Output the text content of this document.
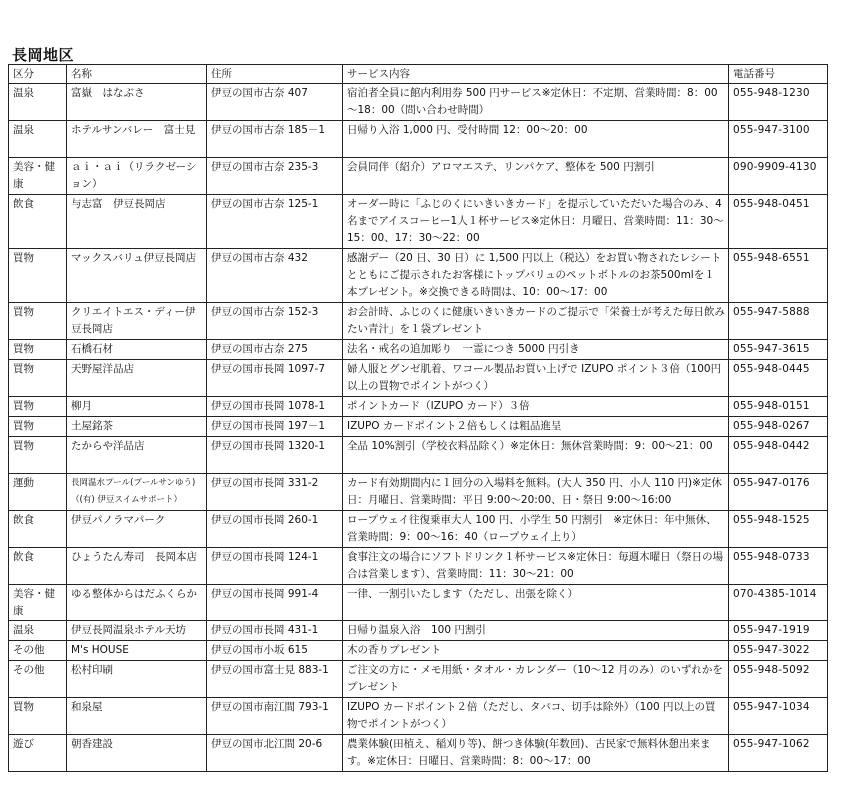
長岡地区
区分	名称	住所	サービス内容	電話番号
温泉	富嶽　はなぶさ	伊豆の国市古奈 407	宿泊者全員に館内利用券 500 円サービス※定休日：不定期、営業時間：8：00～18：00（問い合わせ時間）	055-948-1230
温泉	ホテルサンバレー　富士見	伊豆の国市古奈 185－1	日帰り入浴 1,000 円、受付時間 12：00～20：00	055-947-3100
美容・健康	ａｉ・ａｉ（リラクゼーション）	伊豆の国市古奈 235-3	会員同伴（紹介）アロマエステ、リンパケア、整体を 500 円割引	090-9909-4130
飲食	与志富　伊豆長岡店	伊豆の国市古奈 125-1	オーダー時に「ふじのくにいきいきカード」を提示していただいた場合のみ、4名までアイスコーヒー1人１杯サービス※定休日：月曜日、営業時間：11：30～15：00、17：30～22：00	055-948-0451
買物	マックスバリュ伊豆長岡店	伊豆の国市古奈 432	感謝デー（20 日、30 日）に 1,500 円以上（税込）をお買い物されたレシートとともにご提示されたお客様にトップバリュのペットボトルのお茶500mlを１本プレゼント。※交換できる時間は、10：00～17：00	055-948-6551
買物	クリエイトエス・ディー伊豆長岡店	伊豆の国市古奈 152-3	お会計時、ふじのくに健康いきいきカードのご提示で「栄養士が考えた毎日飲みたい青汁」を１袋プレゼント	055-947-5888
買物	石橋石材	伊豆の国市古奈 275	法名・戒名の追加彫り　一霊につき 5000 円引き	055-947-3615
買物	天野屋洋品店	伊豆の国市長岡 1097-7	婦人服とグンゼ肌着、ワコール製品お買い上げで IZUPO ポイント３倍（100円以上の買物でポイントがつく）	055-948-0445
買物	柳月	伊豆の国市長岡 1078-1	ポイントカード（IZUPO カード）３倍	055-948-0151
買物	土屋銘茶	伊豆の国市長岡 197－1	IZUPO カードポイント２倍もしくは粗品進呈	055-948-0267
買物	たからや洋品店	伊豆の国市長岡 1320-1	全品 10%割引（学校衣料品除く）※定休日：無休営業時間：9：00～21：00	055-948-0442
運動	長岡温水プール(プールサンゆう)（(有) 伊豆スイムサポート）	伊豆の国市長岡 331-2	カード有効期間内に１回分の入場料を無料。(大人 350 円、小人 110 円)※定休日：月曜日、営業時間：平日 9:00～20:00、日・祭日 9:00～16:00	055-947-0176
飲食	伊豆パノラマパーク	伊豆の国市長岡 260-1	ロープウェイ往復乗車大人 100 円、小学生 50 円割引　※定休日：年中無休、営業時間：9：00～16：40（ロープウェイ上り）	055-948-1525
飲食	ひょうたん寿司　長岡本店	伊豆の国市長岡 124-1	食事注文の場合にソフトドリンク１杯サービス※定休日：毎週木曜日（祭日の場合は営業します）、営業時間：11：30～21：00	055-948-0733
美容・健康	ゆる整体からはだふくらか	伊豆の国市長岡 991-4	一律、一割引いたします（ただし、出張を除く）	070-4385-1014
温泉	伊豆長岡温泉ホテル天坊	伊豆の国市長岡 431-1	日帰り温泉入浴　100 円割引	055-947-1919
その他	M's HOUSE	伊豆の国市小坂 615	木の香りプレゼント	055-947-3022
その他	松村印刷	伊豆の国市富士見 883-1	ご注文の方に・メモ用紙・タオル・カレンダー（10～12 月のみ）のいずれかをプレゼント	055-948-5092
買物	和泉屋	伊豆の国市南江間 793-1	IZUPO カードポイント２倍（ただし、タバコ、切手は除外）（100 円以上の買物でポイントがつく）	055-947-1034
遊び	朝香建設	伊豆の国市北江間 20-6	農業体験(田植え、稲刈り等)、餅つき体験(年数回)、古民家で無料休憩出来ます。※定休日：日曜日、営業時間：8：00～17：00	055-947-1062
